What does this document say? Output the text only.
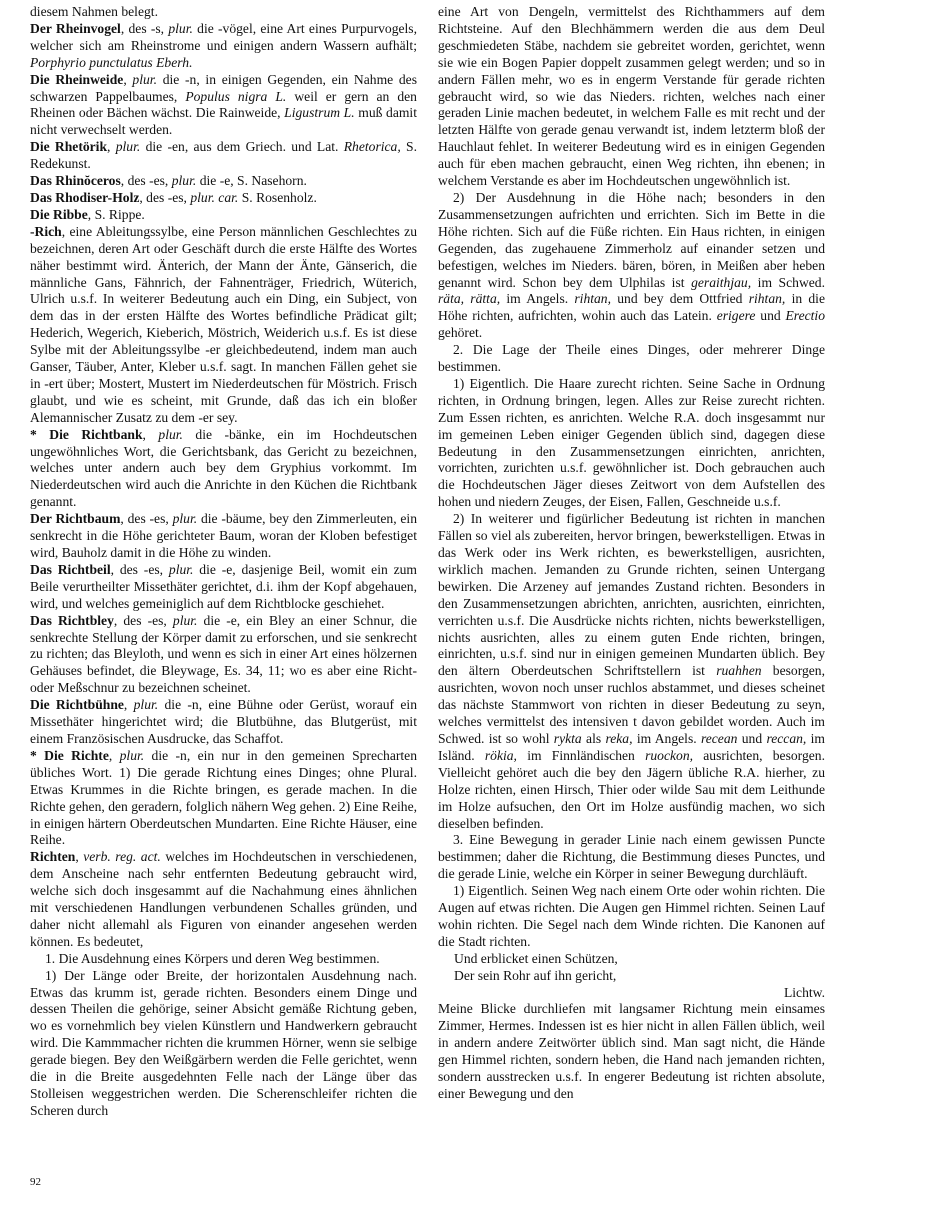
diesem Nahmen belegt.

Der Rheinvogel, des -s, plur. die -vögel, eine Art eines Purpurvogels, welcher sich am Rheinstrome und einigen andern Wassern aufhält; Porphyrio punctulatus Eberh.

Die Rheinweide, plur. die -n, in einigen Gegenden, ein Nahme des schwarzen Pappelbaumes, Populus nigra L. weil er gern an den Rheinen oder Bächen wächst. Die Rainweide, Ligustrum L. muß damit nicht verwechselt werden.

Die Rhetörik, plur. die -en, aus dem Griech. und Lat. Rhetorica, S. Redekunst.

Das Rhinŏceros, des -es, plur. die -e, S. Nasehorn.

Das Rhodiser-Holz, des -es, plur. car. S. Rosenholz.

Die Ribbe, S. Rippe.

-Rich, eine Ableitungssylbe, eine Person männlichen Geschlechtes zu bezeichnen, deren Art oder Geschäft durch die erste Hälfte des Wortes näher bestimmt wird. Änterich, der Mann der Änte, Gänserich, die männliche Gans, Fähnrich, der Fahnenträger, Friedrich, Wüterich, Ulrich u.s.f. In weiterer Bedeutung auch ein Ding, ein Subject, von dem das in der ersten Hälfte des Wortes befindliche Prädicat gilt; Hederich, Wegerich, Kieberich, Möstrich, Weiderich u.s.f. Es ist diese Sylbe mit der Ableitungssylbe -er gleichbedeutend, indem man auch Ganser, Täuber, Anter, Kleber u.s.f. sagt. In manchen Fällen gehet sie in -ert über; Mostert, Mustert im Niederdeutschen für Möstrich. Frisch glaubt, und wie es scheint, mit Grunde, daß das ich ein bloßer Alemannischer Zusatz zu dem -er sey.

* Die Richtbank, plur. die -bänke, ein im Hochdeutschen ungewöhnliches Wort, die Gerichtsbank, das Gericht zu bezeichnen, welches unter andern auch bey dem Gryphius vorkommt. Im Niederdeutschen wird auch die Anrichte in den Küchen die Richtbank genannt.

Der Richtbaum, des -es, plur. die -bäume, bey den Zimmerleuten, ein senkrecht in die Höhe gerichteter Baum, woran der Kloben befestiget wird, Bauholz damit in die Höhe zu winden.

Das Richtbeil, des -es, plur. die -e, dasjenige Beil, womit ein zum Beile verurtheilter Missethäter gerichtet, d.i. ihm der Kopf abgehauen, wird, und welches gemeiniglich auf dem Richtblocke geschiehet.

Das Richtbley, des -es, plur. die -e, ein Bley an einer Schnur, die senkrechte Stellung der Körper damit zu erforschen, und sie senkrecht zu richten; das Bleyloth, und wenn es sich in einer Art eines hölzernen Gehäuses befindet, die Bleywage, Es. 34, 11; wo es aber eine Richt- oder Meßschnur zu bezeichnen scheinet.

Die Richtbühne, plur. die -n, eine Bühne oder Gerüst, worauf ein Missethäter hingerichtet wird; die Blutbühne, das Blutgerüst, mit einem Französischen Ausdrucke, das Schaffot.

* Die Richte, plur. die -n, ein nur in den gemeinen Sprecharten übliches Wort. 1) Die gerade Richtung eines Dinges; ohne Plural. Etwas Krummes in die Richte bringen, es gerade machen. In die Richte gehen, den geradern, folglich nähern Weg gehen. 2) Eine Reihe, in einigen härtern Oberdeutschen Mundarten. Eine Richte Häuser, eine Reihe.

Richten, verb. reg. act. welches im Hochdeutschen in verschiedenen, dem Anscheine nach sehr entfernten Bedeutung gebraucht wird, welche sich doch insgesammt auf die Nachahmung eines ähnlichen mit verschiedenen Handlungen verbundenen Schalles gründen, und daher nicht allemahl als Figuren von einander angesehen werden können. Es bedeutet,

1. Die Ausdehnung eines Körpers und deren Weg bestimmen.

1) Der Länge oder Breite, der horizontalen Ausdehnung nach. Etwas das krumm ist, gerade richten. Besonders einem Dinge und dessen Theilen die gehörige, seiner Absicht gemäße Richtung geben, wo es vornehmlich bey vielen Künstlern und Handwerkern gebraucht wird. Die Kammmacher richten die krummen Hörner, wenn sie selbige gerade biegen. Bey den Weißgärbern werden die Felle gerichtet, wenn die in die Breite ausgedehnten Felle nach der Länge über das Stolleisen weggestrichen werden. Die Scherenschleifer richten die Scheren durch

eine Art von Dengeln, vermittelst des Richthammers auf dem Richtsteine. Auf den Blechhämmern werden die aus dem Deul geschmiedeten Stäbe, nachdem sie gebreitet worden, gerichtet, wenn sie wie ein Bogen Papier doppelt zusammen gelegt werden; und so in andern Fällen mehr, wo es in engerm Verstande für gerade richten gebraucht wird, so wie das Nieders. richten, welches nach einer geraden Linie machen bedeutet, in welchem Falle es mit recht und der letzten Hälfte von gerade genau verwandt ist, indem letzterm bloß der Hauchlaut fehlet. In weiterer Bedeutung wird es in einigen Gegenden auch für eben machen gebraucht, einen Weg richten, ihn ebenen; in welchem Verstande es aber im Hochdeutschen ungewöhnlich ist.

2) Der Ausdehnung in die Höhe nach; besonders in den Zusammensetzungen aufrichten und errichten. Sich im Bette in die Höhe richten. Sich auf die Füße richten. Ein Haus richten, in einigen Gegenden, das zugehauene Zimmerholz auf einander setzen und befestigen, welches im Nieders. bären, bören, in Meißen aber heben genannt wird. Schon bey dem Ulphilas ist geraithjau, im Schwed. räta, rätta, im Angels. rihtan, und bey dem Ottfried rihtan, in die Höhe richten, aufrichten, wohin auch das Latein. erigere und Erectio gehöret.

2. Die Lage der Theile eines Dinges, oder mehrerer Dinge bestimmen.

1) Eigentlich. Die Haare zurecht richten. Seine Sache in Ordnung richten, in Ordnung bringen, legen. Alles zur Reise zurecht richten. Zum Essen richten, es anrichten. Welche R.A. doch insgesammt nur im gemeinen Leben einiger Gegenden üblich sind, dagegen diese Bedeutung in den Zusammensetzungen einrichten, anrichten, vorrichten, zurichten u.s.f. gewöhnlicher ist. Doch gebrauchen auch die Hochdeutschen Jäger dieses Zeitwort von dem Aufstellen des hohen und niedern Zeuges, der Eisen, Fallen, Geschneide u.s.f.

2) In weiterer und figürlicher Bedeutung ist richten in manchen Fällen so viel als zubereiten, hervor bringen, bewerkstelligen. Etwas in das Werk oder ins Werk richten, es bewerkstelligen, ausrichten, wirklich machen. Jemanden zu Grunde richten, seinen Untergang bewirken. Die Arzeney auf jemandes Zustand richten. Besonders in den Zusammensetzungen abrichten, anrichten, ausrichten, einrichten, verrichten u.s.f. Die Ausdrücke nichts richten, nichts bewerkstelligen, nichts ausrichten, alles zu einem guten Ende richten, bringen, einrichten, u.s.f. sind nur in einigen gemeinen Mundarten üblich. Bey den ältern Oberdeutschen Schriftstellern ist ruahhen besorgen, ausrichten, wovon noch unser ruchlos abstammet, und dieses scheinet das nächste Stammwort von richten in dieser Bedeutung zu seyn, welches vermittelst des intensiven t davon gebildet worden. Auch im Schwed. ist so wohl rykta als reka, im Angels. recean und reccan, im Isländ. rökia, im Finnländischen ruockon, ausrichten, besorgen. Vielleicht gehöret auch die bey den Jägern übliche R.A. hierher, zu Holze richten, einen Hirsch, Thier oder wilde Sau mit dem Leithunde im Holze aufsuchen, den Ort im Holze ausfündig machen, wo sich dieselben befinden.

3. Eine Bewegung in gerader Linie nach einem gewissen Puncte bestimmen; daher die Richtung, die Bestimmung dieses Punctes, und die gerade Linie, welche ein Körper in seiner Bewegung durchläuft.

1) Eigentlich. Seinen Weg nach einem Orte oder wohin richten. Die Augen auf etwas richten. Die Augen gen Himmel richten. Seinen Lauf wohin richten. Die Segel nach dem Winde richten. Die Kanonen auf die Stadt richten.

Und erblicket einen Schützen,

Der sein Rohr auf ihn gericht,

Lichtw.

Meine Blicke durchliefen mit langsamer Richtung mein einsames Zimmer, Hermes. Indessen ist es hier nicht in allen Fällen üblich, weil in andern andere Zeitwörter üblich sind. Man sagt nicht, die Hände gen Himmel richten, sondern heben, die Hand nach jemanden richten, sondern ausstrecken u.s.f. In engerer Bedeutung ist richten absolute, einer Bewegung und den

92
